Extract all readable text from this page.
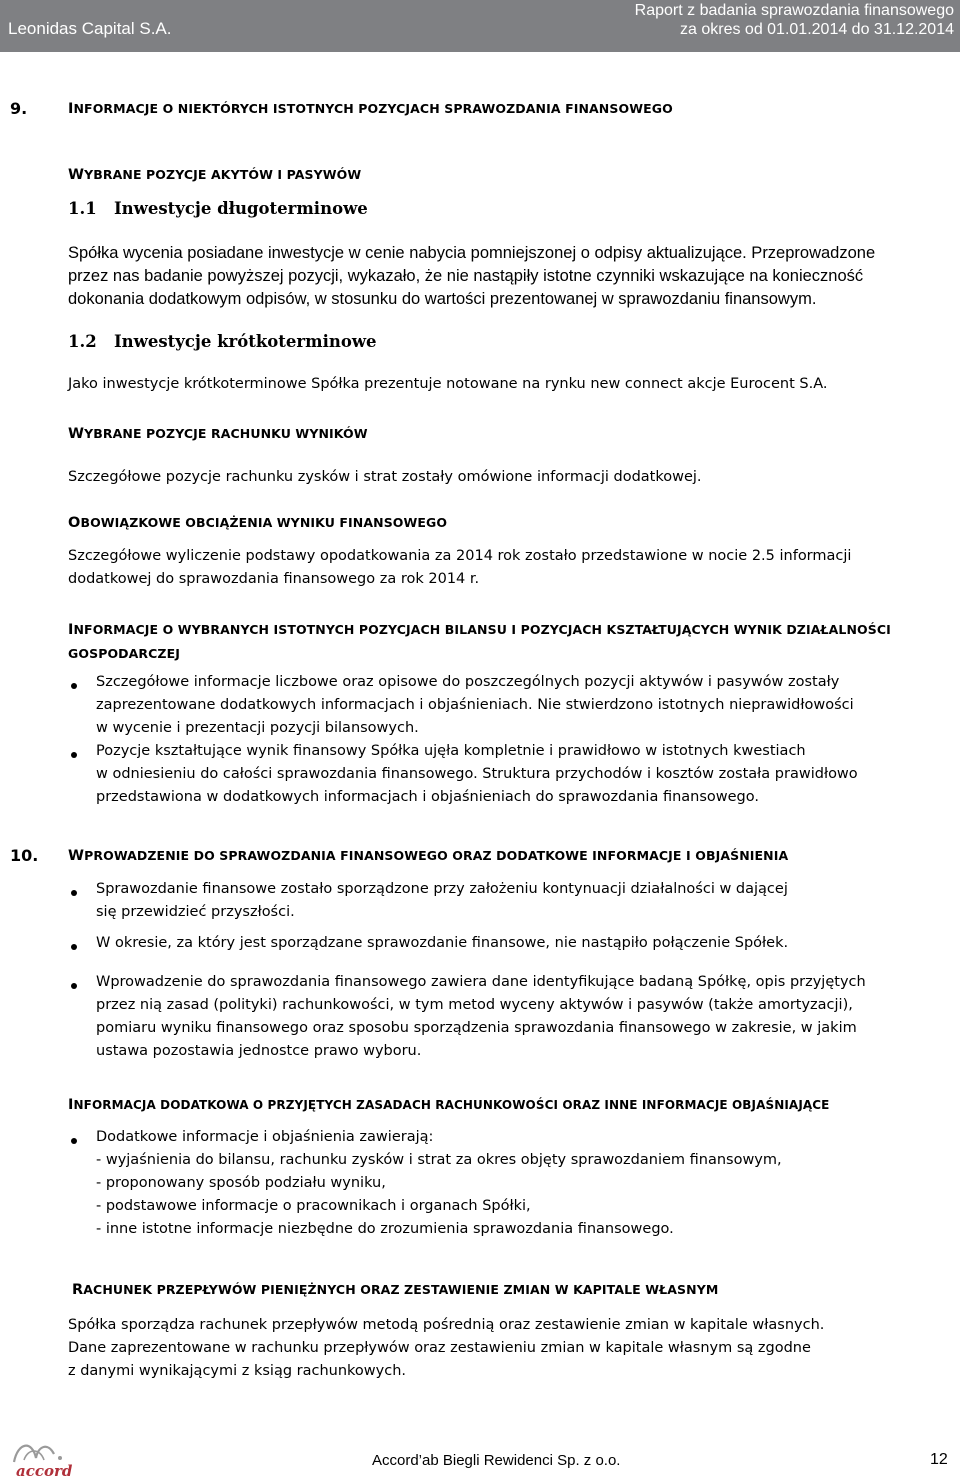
Leonidas Capital S.A.
Raport z badania sprawozdania finansowego
za okres od 01.01.2014 do 31.12.2014
9.	INFORMACJE O NIEKTÓRYCH ISTOTNYCH POZYCJACH SPRAWOZDANIA FINANSOWEGO
WYBRANE POZYCJE AKYTÓW I PASYWÓW
1.1   Inwestycje długoterminowe
Spółka wycenia posiadane inwestycje w cenie nabycia pomniejszonej o odpisy aktualizujące. Przeprowadzone
przez nas badanie powyższej pozycji, wykazało, że nie nastąpiły istotne czynniki wskazujące na konieczność
dokonania dodatkowym odpisów, w stosunku do wartości prezentowanej w sprawozdaniu finansowym.
1.2   Inwestycje krótkoterminowe
Jako inwestycje krótkoterminowe Spółka prezentuje notowane na rynku new connect akcje Eurocent S.A.
WYBRANE POZYCJE RACHUNKU WYNIKÓW
Szczegółowe pozycje rachunku zysków i strat zostały omówione informacji dodatkowej.
OBOWIĄZKOWE OBCIĄŻENIA WYNIKU FINANSOWEGO
Szczegółowe wyliczenie podstawy opodatkowania za 2014 rok zostało przedstawione w nocie 2.5 informacji
dodatkowej do sprawozdania finansowego za rok 2014 r.
INFORMACJE O WYBRANYCH ISTOTNYCH POZYCJACH BILANSU I POZYCJACH KSZTAŁTUJĄCYCH WYNIK DZIAŁALNOŚCI
GOSPODARCZEJ
Szczegółowe informacje liczbowe oraz opisowe do poszczególnych pozycji aktywów i pasywów zostały
zaprezentowane dodatkowych informacjach i objaśnieniach. Nie stwierdzono istotnych nieprawidłowości
w wycenie i prezentacji pozycji bilansowych.
Pozycje kształtujące wynik finansowy Spółka ujęła kompletnie i prawidłowo w istotnych kwestiach
w odniesieniu do całości sprawozdania finansowego. Struktura przychodów i kosztów została prawidłowo
przedstawiona w dodatkowych informacjach i objaśnieniach do sprawozdania finansowego.
10. WPROWADZENIE DO SPRAWOZDANIA FINANSOWEGO ORAZ DODATKOWE INFORMACJE I OBJAŚNIENIA
Sprawozdanie finansowe zostało sporządzone przy założeniu kontynuacji działalności w dającej
się przewidzieć przyszłości.
W okresie, za który jest sporządzane sprawozdanie finansowe, nie nastąpiło połączenie Spółek.
Wprowadzenie do sprawozdania finansowego zawiera dane identyfikujące badaną Spółkę, opis przyjętych
przez nią zasad (polityki) rachunkowości, w tym metod wyceny aktywów i pasywów (także amortyzacji),
pomiaru wyniku finansowego oraz sposobu sporządzenia sprawozdania finansowego w zakresie, w jakim
ustawa pozostawia jednostce prawo wyboru.
INFORMACJA DODATKOWA O PRZYJĘTYCH ZASADACH RACHUNKOWOŚCI ORAZ INNE INFORMACJE OBJAŚNIAJĄCE
Dodatkowe informacje i objaśnienia zawierają:
- wyjaśnienia do bilansu, rachunku zysków i strat za okres objęty sprawozdaniem finansowym,
- proponowany sposób podziału wyniku,
- podstawowe informacje o pracownikach i organach Spółki,
- inne istotne informacje niezbędne do zrozumienia sprawozdania finansowego.
RACHUNEK PRZEPŁYWÓW PIENIĘŻNYCH ORAZ ZESTAWIENIE ZMIAN W KAPITALE WŁASNYM
Spółka sporządza rachunek przepływów metodą pośrednią oraz zestawienie zmian w kapitale własnych.
Dane zaprezentowane w rachunku przepływów oraz zestawieniu zmian w kapitale własnym są zgodne
z danymi wynikającymi z ksiąg rachunkowych.
accord
Accord’ab Biegli Rewidenci Sp. z o.o.	12
